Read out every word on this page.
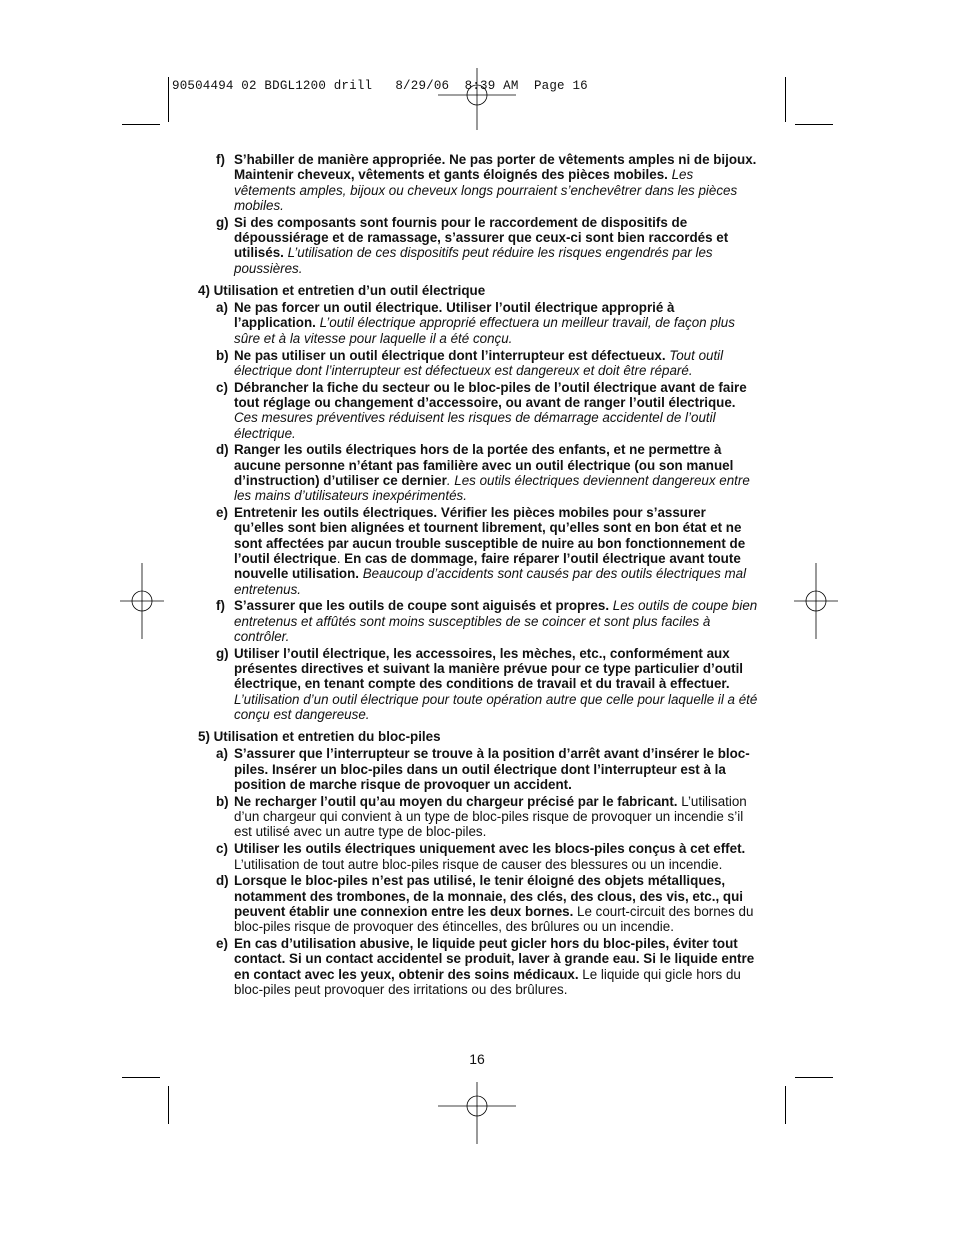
90504494 02 BDGL1200 drill   8/29/06  8:39 AM  Page 16
f) S’habiller de manière appropriée. Ne pas porter de vêtements amples ni de bijoux. Maintenir cheveux, vêtements et gants éloignés des pièces mobiles. Les vêtements amples, bijoux ou cheveux longs pourraient s’enchevêtrer dans les pièces mobiles.
g) Si des composants sont fournis pour le raccordement de dispositifs de dépoussiérage et de ramassage, s’assurer que ceux-ci sont bien raccordés et utilisés. L’utilisation de ces dispositifs peut réduire les risques engendrés par les poussières.
4) Utilisation et entretien d’un outil électrique
a) Ne pas forcer un outil électrique. Utiliser l’outil électrique approprié à l’application. L’outil électrique approprié effectuera un meilleur travail, de façon plus sûre et à la vitesse pour laquelle il a été conçu.
b) Ne pas utiliser un outil électrique dont l’interrupteur est défectueux. Tout outil électrique dont l’interrupteur est défectueux est dangereux et doit être réparé.
c) Débrancher la fiche du secteur ou le bloc-piles de l’outil électrique avant de faire tout réglage ou changement d’accessoire, ou avant de ranger l’outil électrique. Ces mesures préventives réduisent les risques de démarrage accidentel de l’outil électrique.
d) Ranger les outils électriques hors de la portée des enfants, et ne permettre à aucune personne n’étant pas familière avec un outil électrique (ou son manuel d’instruction) d’utiliser ce dernier. Les outils électriques deviennent dangereux entre les mains d’utilisateurs inexpérimentés.
e) Entretenir les outils électriques. Vérifier les pièces mobiles pour s’assurer qu’elles sont bien alignées et tournent librement, qu’elles sont en bon état et ne sont affectées par aucun trouble susceptible de nuire au bon fonctionnement de l’outil électrique. En cas de dommage, faire réparer l’outil électrique avant toute nouvelle utilisation. Beaucoup d’accidents sont causés par des outils électriques mal entretenus.
f) S’assurer que les outils de coupe sont aiguisés et propres. Les outils de coupe bien entretenus et affûtés sont moins susceptibles de se coincer et sont plus faciles à contrôler.
g) Utiliser l’outil électrique, les accessoires, les mèches, etc., conformément aux présentes directives et suivant la manière prévue pour ce type particulier d’outil électrique, en tenant compte des conditions de travail et du travail à effectuer. L’utilisation d’un outil électrique pour toute opération autre que celle pour laquelle il a été conçu est dangereuse.
5) Utilisation et entretien du bloc-piles
a) S’assurer que l’interrupteur se trouve à la position d’arrêt avant d’insérer le bloc-piles. Insérer un bloc-piles dans un outil électrique dont l’interrupteur est à la position de marche risque de provoquer un accident.
b) Ne recharger l’outil qu’au moyen du chargeur précisé par le fabricant. L’utilisation d’un chargeur qui convient à un type de bloc-piles risque de provoquer un incendie s’il est utilisé avec un autre type de bloc-piles.
c) Utiliser les outils électriques uniquement avec les blocs-piles conçus à cet effet. L’utilisation de tout autre bloc-piles risque de causer des blessures ou un incendie.
d) Lorsque le bloc-piles n’est pas utilisé, le tenir éloigné des objets métalliques, notamment des trombones, de la monnaie, des clés, des clous, des vis, etc., qui peuvent établir une connexion entre les deux bornes. Le court-circuit des bornes du bloc-piles risque de provoquer des étincelles, des brûlures ou un incendie.
e) En cas d’utilisation abusive, le liquide peut gicler hors du bloc-piles, éviter tout contact. Si un contact accidentel se produit, laver à grande eau. Si le liquide entre en contact avec les yeux, obtenir des soins médicaux. Le liquide qui gicle hors du bloc-piles peut provoquer des irritations ou des brûlures.
16
